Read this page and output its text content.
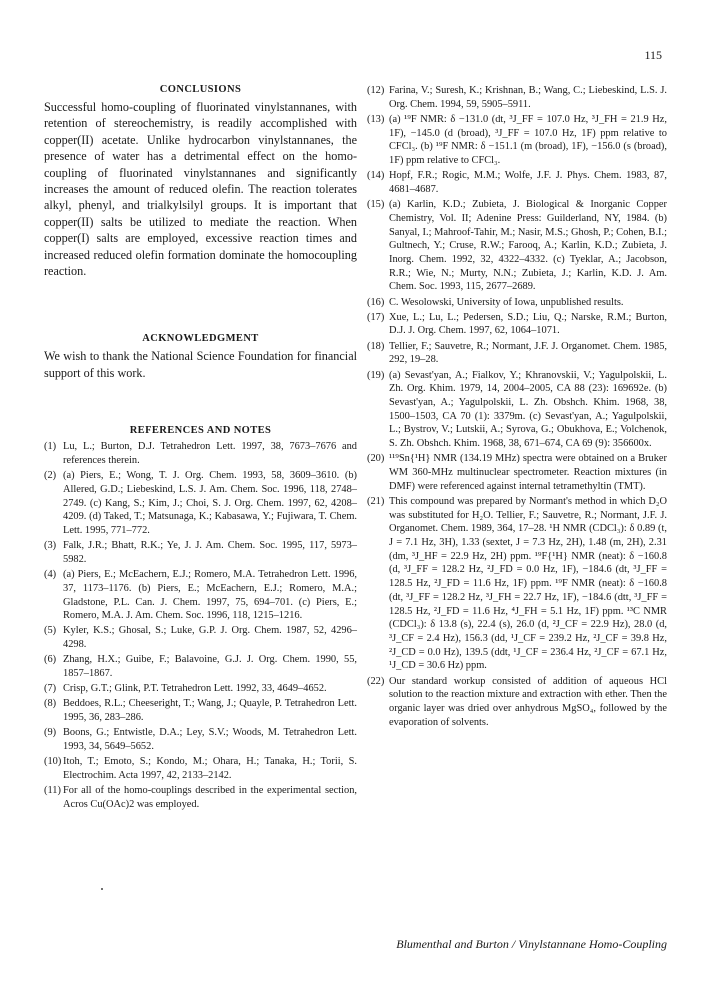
115
CONCLUSIONS

Successful homo-coupling of fluorinated vinylstannanes, with retention of stereochemistry, is readily accomplished with copper(II) acetate. Unlike hydrocarbon vinylstannanes, the presence of water has a detrimental effect on the homo-coupling of fluorinated vinylstannanes and significantly increases the amount of reduced olefin. The reaction tolerates alkyl, phenyl, and trialkylsilyl groups. It is important that copper(II) salts be utilized to mediate the reaction. When copper(I) salts are employed, excessive reaction times and increased reduced olefin formation dominate the homocoupling reaction.

ACKNOWLEDGMENT

We wish to thank the National Science Foundation for financial support of this work.

REFERENCES AND NOTES
(1) Lu, L.; Burton, D.J. Tetrahedron Lett. 1997, 38, 7673–7676 and references therein.
(2) (a) Piers, E.; Wong, T. J. Org. Chem. 1993, 58, 3609–3610. (b) Allered, G.D.; Liebeskind, L.S. J. Am. Chem. Soc. 1996, 118, 2748–2749. (c) Kang, S.; Kim, J.; Choi, S. J. Org. Chem. 1997, 62, 4208–4209. (d) Taked, T.; Matsunaga, K.; Kabasawa, Y.; Fujiwara, T. Chem. Lett. 1995, 771–772.
(3) Falk, J.R.; Bhatt, R.K.; Ye, J. J. Am. Chem. Soc. 1995, 117, 5973–5982.
(4) (a) Piers, E.; McEachern, E.J.; Romero, M.A. Tetrahedron Lett. 1996, 37, 1173–1176. (b) Piers, E.; McEachern, E.J.; Romero, M.A.; Gladstone, P.L. Can. J. Chem. 1997, 75, 694–701. (c) Piers, E.; Romero, M.A. J. Am. Chem. Soc. 1996, 118, 1215–1216.
(5) Kyler, K.S.; Ghosal, S.; Luke, G.P. J. Org. Chem. 1987, 52, 4296–4298.
(6) Zhang, H.X.; Guibe, F.; Balavoine, G.J. J. Org. Chem. 1990, 55, 1857–1867.
(7) Crisp, G.T.; Glink, P.T. Tetrahedron Lett. 1992, 33, 4649–4652.
(8) Beddoes, R.L.; Cheeseright, T.; Wang, J.; Quayle, P. Tetrahedron Lett. 1995, 36, 283–286.
(9) Boons, G.; Entwistle, D.A.; Ley, S.V.; Woods, M. Tetrahedron Lett. 1993, 34, 5649–5652.
(10) Itoh, T.; Emoto, S.; Kondo, M.; Ohara, H.; Tanaka, H.; Torii, S. Electrochim. Acta 1997, 42, 2133–2142.
(11) For all of the homo-couplings described in the experimental section, Acros Cu(OAc)2 was employed.
(12) Farina, V.; Suresh, K.; Krishnan, B.; Wang, C.; Liebeskind, L.S. J. Org. Chem. 1994, 59, 5905–5911.
(13) (a) ¹⁹F NMR: δ −131.0 (dt, ³J_FF = 107.0 Hz, ³J_FH = 21.9 Hz, 1F), −145.0 (d (broad), ³J_FF = 107.0 Hz, 1F) ppm relative to CFCl₃. (b) ¹⁹F NMR: δ −151.1 (m (broad), 1F), −156.0 (s (broad), 1F) ppm relative to CFCl₃.
(14) Hopf, F.R.; Rogic, M.M.; Wolfe, J.F. J. Phys. Chem. 1983, 87, 4681–4687.
(15) (a) Karlin, K.D.; Zubieta, J. Biological & Inorganic Copper Chemistry, Vol. II; Adenine Press: Guilderland, NY, 1984. (b) Sanyal, I.; Mahroof-Tahir, M.; Nasir, M.S.; Ghosh, P.; Cohen, B.I.; Gultnech, Y.; Cruse, R.W.; Farooq, A.; Karlin, K.D.; Zubieta, J. Inorg. Chem. 1992, 32, 4322–4332. (c) Tyeklar, A.; Jacobson, R.R.; Wie, N.; Murty, N.N.; Zubieta, J.; Karlin, K.D. J. Am. Chem. Soc. 1993, 115, 2677–2689.
(16) C. Wesolowski, University of Iowa, unpublished results.
(17) Xue, L.; Lu, L.; Pedersen, S.D.; Liu, Q.; Narske, R.M.; Burton, D.J. J. Org. Chem. 1997, 62, 1064–1071.
(18) Tellier, F.; Sauvetre, R.; Normant, J.F. J. Organomet. Chem. 1985, 292, 19–28.
(19) (a) Sevast'yan, A.; Fialkov, Y.; Khranovskii, V.; Yagulpolskii, L. Zh. Org. Khim. 1979, 14, 2004–2005, CA 88 (23): 169692e. (b) Sevast'yan, A.; Yagulpolskii, L. Zh. Obshch. Khim. 1968, 38, 1500–1503, CA 70 (1): 3379m. (c) Sevast'yan, A.; Yagulpolskii, L.; Bystrov, V.; Lutskii, A.; Syrova, G.; Obukhova, E.; Volchenok, S. Zh. Obshch. Khim. 1968, 38, 671–674, CA 69 (9): 356600x.
(20) ¹¹⁹Sn{¹H} NMR (134.19 MHz) spectra were obtained on a Bruker WM 360-MHz multinuclear spectrometer. Reaction mixtures (in DMF) were referenced against internal tetramethyltin (TMT).
(21) This compound was prepared by Normant's method in which D₂O was substituted for H₂O. Tellier, F.; Sauvetre, R.; Normant, J.F. J. Organomet. Chem. 1989, 364, 17–28. ¹H NMR (CDCl₃): δ 0.89 (t, J = 7.1 Hz, 3H), 1.33 (sextet, J = 7.3 Hz, 2H), 1.48 (m, 2H), 2.31 (dm, ³J_HF = 22.9 Hz, 2H) ppm. ¹⁹F{¹H} NMR (neat): δ −160.8 (d, ³J_FF = 128.2 Hz, ²J_FD = 0.0 Hz, 1F), −184.6 (dt, ³J_FF = 128.5 Hz, ²J_FD = 11.6 Hz, 1F) ppm. ¹⁹F NMR (neat): δ −160.8 (dt, ³J_FF = 128.2 Hz, ³J_FH = 22.7 Hz, 1F), −184.6 (dtt, ³J_FF = 128.5 Hz, ²J_FD = 11.6 Hz, ⁴J_FH = 5.1 Hz, 1F) ppm. ¹³C NMR (CDCl₃): δ 13.8 (s), 22.4 (s), 26.0 (d, ²J_CF = 22.9 Hz), 28.0 (d, ³J_CF = 2.4 Hz), 156.3 (dd, ¹J_CF = 239.2 Hz, ²J_CF = 39.8 Hz, ²J_CD = 0.0 Hz), 139.5 (ddt, ¹J_CF = 236.4 Hz, ²J_CF = 67.1 Hz, ¹J_CD = 30.6 Hz) ppm.
(22) Our standard workup consisted of addition of aqueous HCl solution to the reaction mixture and extraction with ether. Then the organic layer was dried over anhydrous MgSO₄, followed by the evaporation of solvents.
Blumenthal and Burton / Vinylstannane Homo-Coupling
